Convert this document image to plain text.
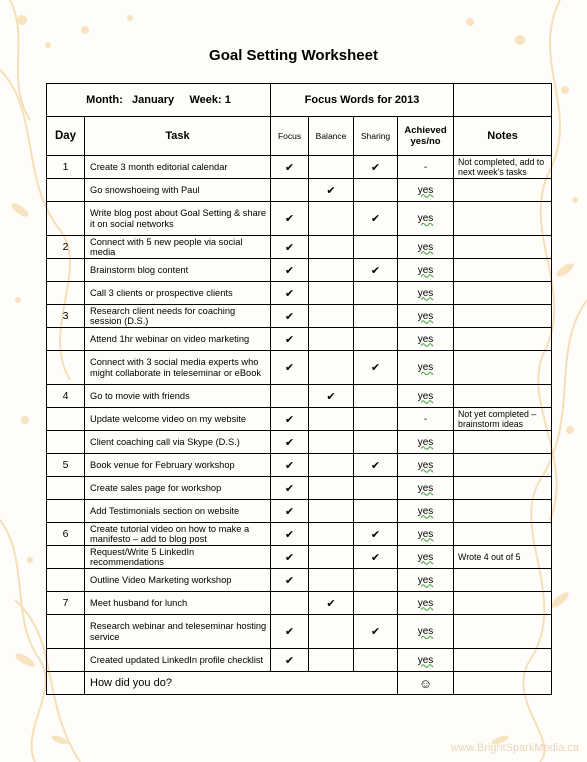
Goal Setting Worksheet
Month: January Week: 1		Focus Words for 2013				
Day	Task	Focus	Balance	Sharing	Achieved yes/no	Notes
1	Create 3 month editorial calendar	✔		✔	-	Not completed, add to next week's tasks
	Go snowshoeing with Paul		✔		yes	
	Write blog post about Goal Setting & share it on social networks	✔		✔	yes	
2	Connect with 5 new people via social media	✔			yes	
	Brainstorm blog content	✔		✔	yes	
	Call 3 clients or prospective clients	✔			yes	
3	Research client needs for coaching session (D.S.)	✔			yes	
	Attend 1hr webinar on video marketing	✔			yes	
	Connect with 3 social media experts who might collaborate in teleseminar or eBook	✔		✔	yes	
4	Go to movie with friends		✔		yes	
	Update welcome video on my website	✔			-	Not yet completed – brainstorm ideas
	Client coaching call via Skype (D.S.)	✔			yes	
5	Book venue for February workshop	✔		✔	yes	
	Create sales page for workshop	✔			yes	
	Add Testimonials section on website	✔			yes	
6	Create tutorial video on how to make a manifesto – add to blog post	✔		✔	yes	
	Request/Write 5 LinkedIn recommendations	✔		✔	yes	Wrote 4 out of 5
	Outline Video Marketing workshop	✔			yes	
7	Meet husband for lunch		✔		yes	
	Research webinar and teleseminar hosting service	✔		✔	yes	
	Created updated LinkedIn profile checklist	✔			yes	
	How did you do?				☺	
www.BrightSparkMedia.ca
